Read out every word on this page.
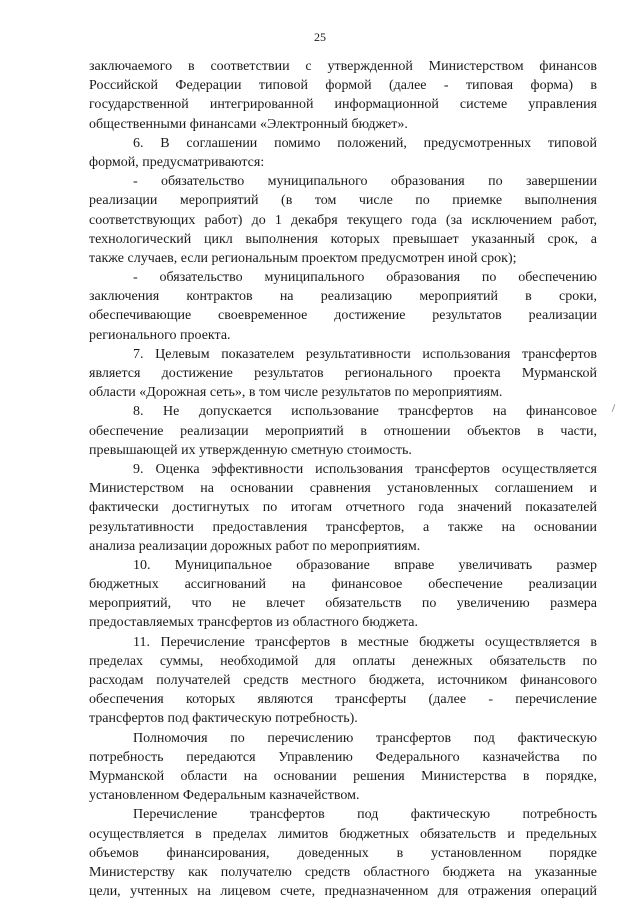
25
заключаемого в соответствии с утвержденной Министерством финансов
Российской Федерации типовой формой (далее - типовая форма) в
государственной интегрированной информационной системе управления
общественными финансами «Электронный бюджет».
6. В соглашении помимо положений, предусмотренных типовой
формой, предусматриваются:
- обязательство муниципального образования по завершении
реализации мероприятий (в том числе по приемке выполнения
соответствующих работ) до 1 декабря текущего года (за исключением работ,
технологический цикл выполнения которых превышает указанный срок, а
также случаев, если региональным проектом предусмотрен иной срок);
- обязательство муниципального образования по обеспечению
заключения контрактов на реализацию мероприятий в сроки,
обеспечивающие своевременное достижение результатов реализации
регионального проекта.
7. Целевым показателем результативности использования трансфертов
является достижение результатов регионального проекта Мурманской
области «Дорожная сеть», в том числе результатов по мероприятиям.
8. Не допускается использование трансфертов на финансовое
обеспечение реализации мероприятий в отношении объектов в части,
превышающей их утвержденную сметную стоимость.
9. Оценка эффективности использования трансфертов осуществляется
Министерством на основании сравнения установленных соглашением и
фактически достигнутых по итогам отчетного года значений показателей
результативности предоставления трансфертов, а также на основании
анализа реализации дорожных работ по мероприятиям.
10. Муниципальное образование вправе увеличивать размер
бюджетных ассигнований на финансовое обеспечение реализации
мероприятий, что не влечет обязательств по увеличению размера
предоставляемых трансфертов из областного бюджета.
11. Перечисление трансфертов в местные бюджеты осуществляется в
пределах суммы, необходимой для оплаты денежных обязательств по
расходам получателей средств местного бюджета, источником финансового
обеспечения которых являются трансферты (далее - перечисление
трансфертов под фактическую потребность).
Полномочия по перечислению трансфертов под фактическую
потребность передаются Управлению Федерального казначейства по
Мурманской области на основании решения Министерства в порядке,
установленном Федеральным казначейством.
Перечисление трансфертов под фактическую потребность
осуществляется в пределах лимитов бюджетных обязательств и предельных
объемов финансирования, доведенных в установленном порядке
Министерству как получателю средств областного бюджета на указанные
цели, учтенных на лицевом счете, предназначенном для отражения операций
